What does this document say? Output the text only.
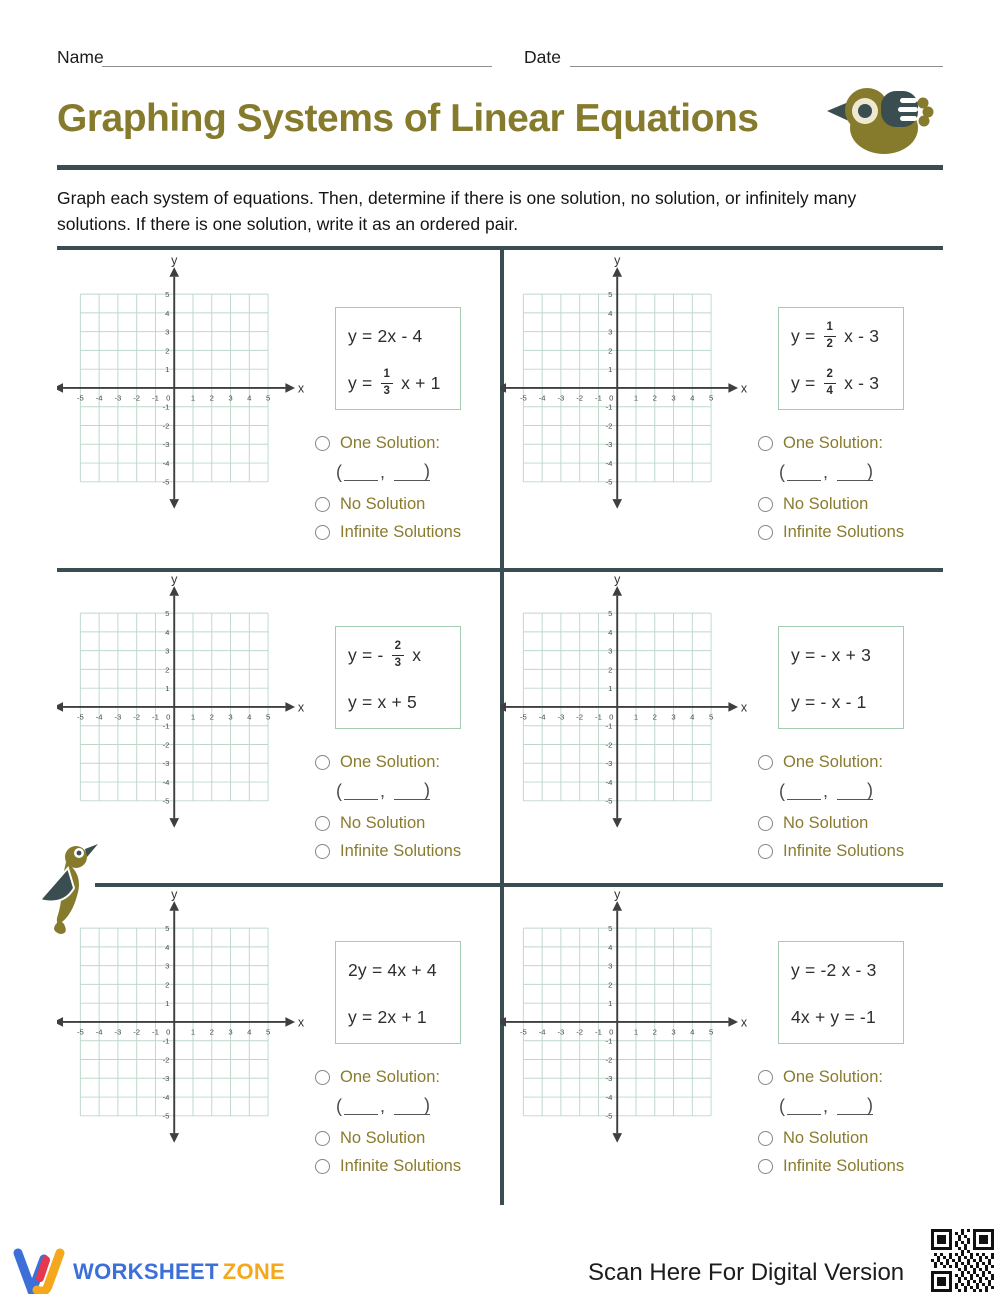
Name	Date
Graphing Systems of Linear Equations
Graph each system of equations. Then, determine if there is one solution, no solution, or infinitely many solutions. If there is one solution, write it as an ordered pair.
x
y
-5 -4 -3 -2 -1 0	1 2 3 4 5
5
4
3
2
1
-1
-2
-3
-4
-5
y = 2x - 4
$y = \frac{1}{3}$ x + 1
One Solution:
( , )
No Solution
Infinite Solutions
x
y
-5 -4 -3 -2 -1 0	1 2 3 4 5
5
4
3
2
1
-1
-2
-3
-4
-5
$y = \frac{1}{2}$ x - 3
$y = \frac{2}{4}$ x - 3
One Solution:
( , )
No Solution
Infinite Solutions
x
y
-5 -4 -3 -2 -1 0	1 2 3 4 5
5
4
3
2
1
-1
-2
-3
-4
-5
y = - $\frac{2}{3}$ x
y = x + 5
One Solution:
( , )
No Solution
Infinite Solutions
x
y
-5 -4 -3 -2 -1 0	1 2 3 4 5
5
4
3
2
1
-1
-2
-3
-4
-5
y = - x + 3
y = - x - 1
One Solution:
( , )
No Solution
Infinite Solutions
x
y
-5 -4 -3 -2 -1 0	1 2 3 4 5
5
4
3
2
1
-1
-2
-3
-4
-5
2y = 4x + 4
y = 2x + 1
One Solution:
( , )
No Solution
Infinite Solutions
x
y
-5 -4 -3 -2 -1 0	1 2 3 4 5
5
4
3
2
1
-1
-2
-3
-4
-5
y = -2 x - 3
4x + y = -1
One Solution:
( , )
No Solution
Infinite Solutions
WORKSHEET ZONE	Scan Here For Digital Version
